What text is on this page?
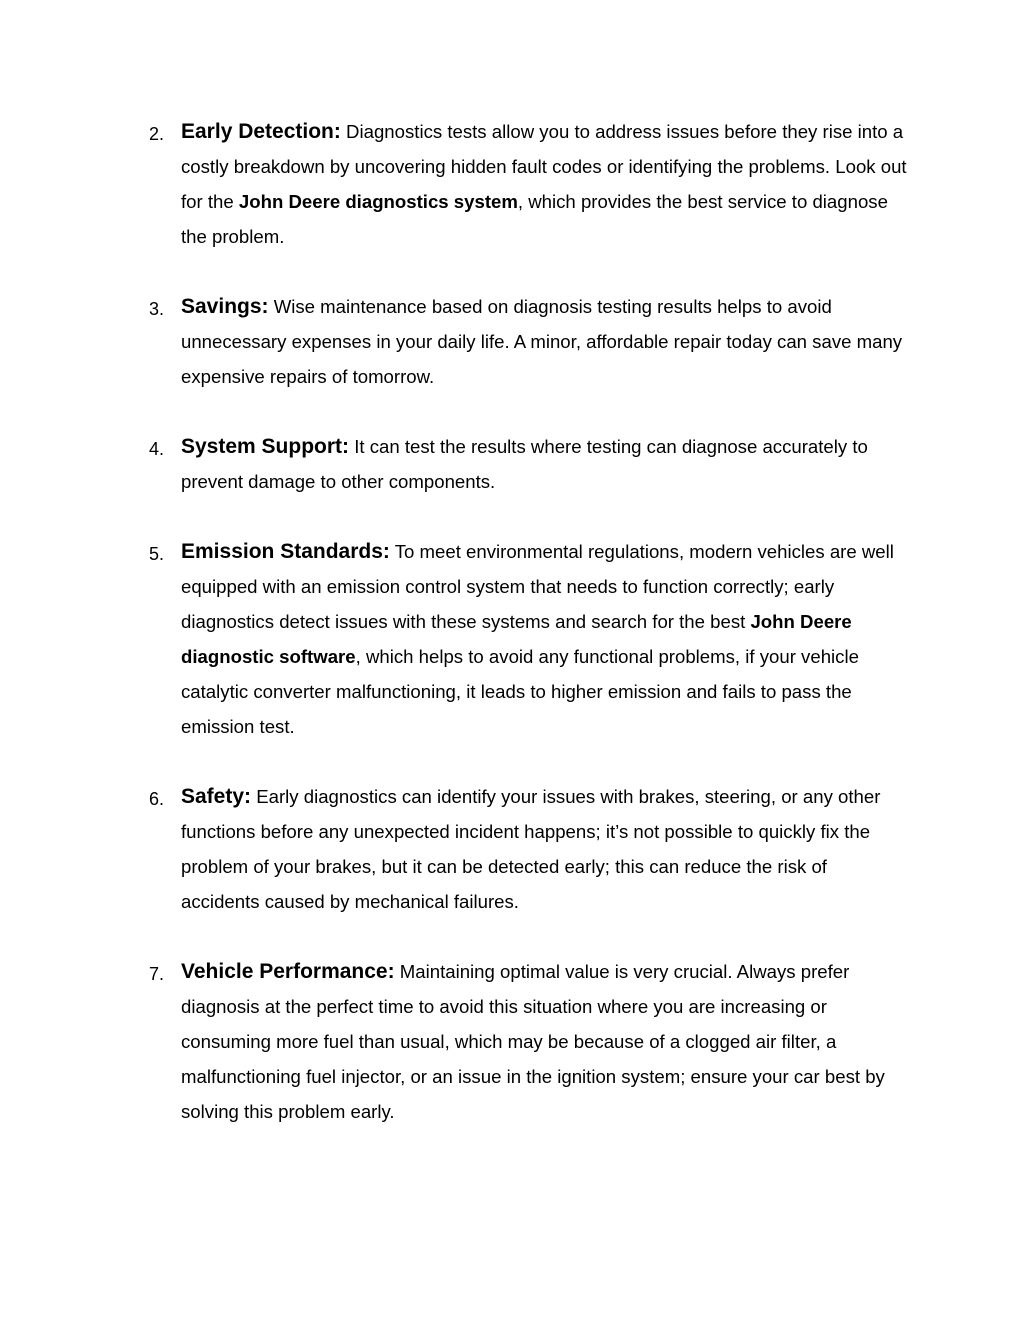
2. Early Detection: Diagnostics tests allow you to address issues before they rise into a costly breakdown by uncovering hidden fault codes or identifying the problems. Look out for the John Deere diagnostics system, which provides the best service to diagnose the problem.
3. Savings: Wise maintenance based on diagnosis testing results helps to avoid unnecessary expenses in your daily life. A minor, affordable repair today can save many expensive repairs of tomorrow.
4. System Support: It can test the results where testing can diagnose accurately to prevent damage to other components.
5. Emission Standards: To meet environmental regulations, modern vehicles are well equipped with an emission control system that needs to function correctly; early diagnostics detect issues with these systems and search for the best John Deere diagnostic software, which helps to avoid any functional problems, if your vehicle catalytic converter malfunctioning, it leads to higher emission and fails to pass the emission test.
6. Safety: Early diagnostics can identify your issues with brakes, steering, or any other functions before any unexpected incident happens; it’s not possible to quickly fix the problem of your brakes, but it can be detected early; this can reduce the risk of accidents caused by mechanical failures.
7. Vehicle Performance: Maintaining optimal value is very crucial. Always prefer diagnosis at the perfect time to avoid this situation where you are increasing or consuming more fuel than usual, which may be because of a clogged air filter, a malfunctioning fuel injector, or an issue in the ignition system; ensure your car best by solving this problem early.
